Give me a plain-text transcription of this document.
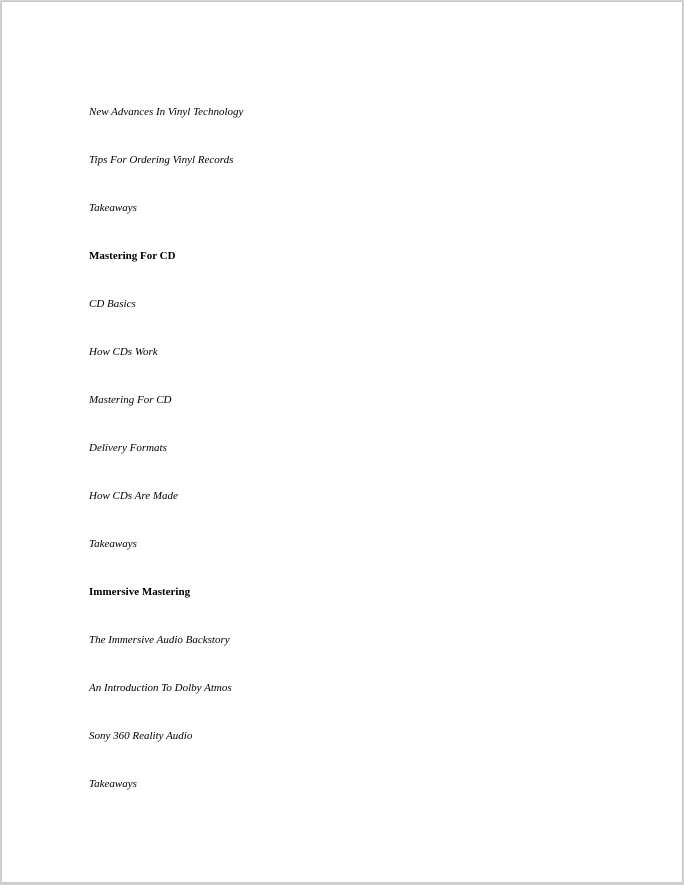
New Advances In Vinyl Technology
Tips For Ordering Vinyl Records
Takeaways
Mastering For CD
CD Basics
How CDs Work
Mastering For CD
Delivery Formats
How CDs Are Made
Takeaways
Immersive Mastering
The Immersive Audio Backstory
An Introduction To Dolby Atmos
Sony 360 Reality Audio
Takeaways
